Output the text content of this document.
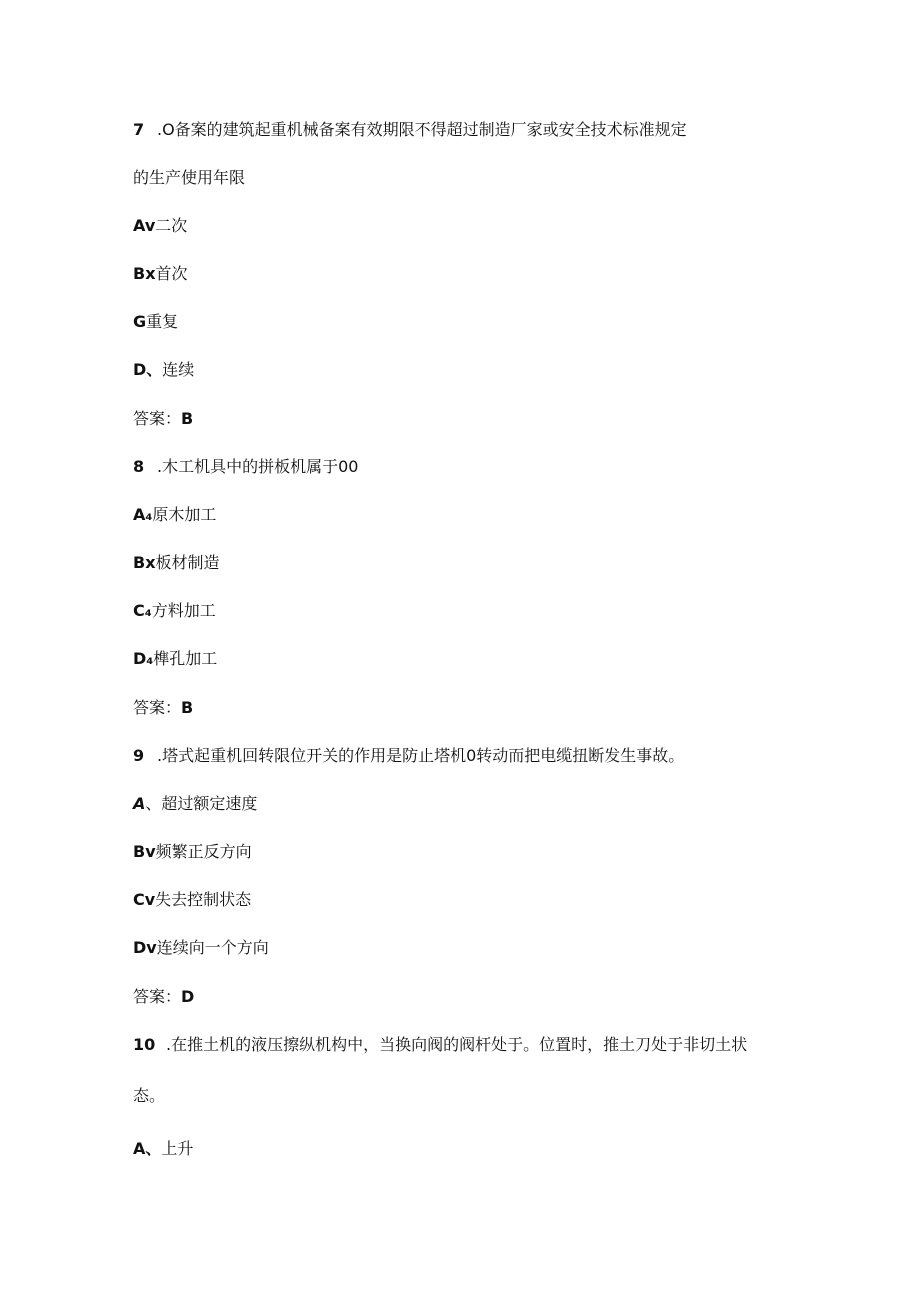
7 .O备案的建筑起重机械备案有效期限不得超过制造厂家或安全技术标准规定
的生产使用年限
Av二次
Bx首次
G重复
D、连续
答案：B
8 .木工机具中的拼板机属于00
A₄原木加工
Bx板材制造
C₄方料加工
D₄榫孔加工
答案：B
9 .塔式起重机回转限位开关的作用是防止塔机0转动而把电缆扭断发生事故。
A、超过额定速度
Bv频繁正反方向
Cv失去控制状态
Dv连续向一个方向
答案：D
10 .在推土机的液压擦纵机构中，当换向阀的阀杆处于。位置时，推土刀处于非切土状
态。
A、上升
